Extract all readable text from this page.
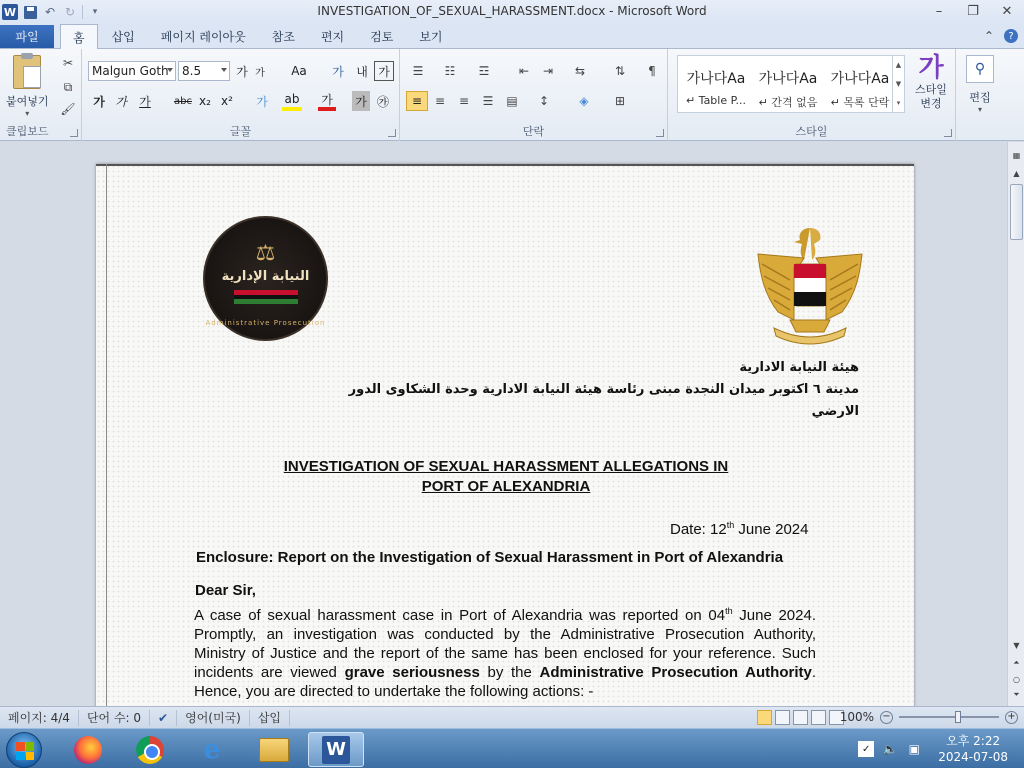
W ↶ ↻	▾	INVESTIGATION_OF_SEXUAL_HARASSMENT.docx - Microsoft Word	–	❐	✕
파일	홈	삽입	페이지 레이아웃	참조	편지	검토	보기	⌃	?
붙여넣기
▾
✂
⧉
🖌
클립보드
Malgun Goth 8.5	가 가	Aa	가	내 가
가 가 가	abc x₂ x²	가	ab 가 가 ㉮
글꼴
☰ ☷ ☲ ⇤ ⇥ ⇆ ⇅	¶
≡	≡ ≡ ☰ ▤ ↕	◈ ⊞
단락	스타일
가나다Aa
↵ Table P...
가나다Aa
↵ 간격 없음
가나다Aa
↵ 목록 단락
▲
▼
▾
가
스타일
변경
⚲
편집
▾
⚖
النيابة الإدارية
Administrative Prosecution
هيئة النيابة الادارية
مدينة ٦ اكتوبر ميدان النجدة مبنى رئاسة هيئة النيابة الادارية وحدة الشكاوى الدور
الارضي
INVESTIGATION OF SEXUAL HARASSMENT ALLEGATIONS IN
PORT OF ALEXANDRIA
Date: 12th June 2024
Enclosure: Report on the Investigation of Sexual Harassment in Port of Alexandria
Dear Sir,
A case of sexual harassment case in Port of Alexandria was reported on 04th June 2024. Promptly, an investigation was conducted by the Administrative Prosecution Authority, Ministry of Justice and the report of the same has been enclosed for your reference. Such incidents are viewed grave seriousness by the Administrative Prosecution Authority. Hence, you are directed to undertake the following actions: -
▦
▲
▼
⏶
○
⏷
페이지: 4/4	단어 수: 0	✔	영어(미국)	삽입	100% −	+
e	W	✓	🔈 ▣
오후 2:22
2024-07-08
